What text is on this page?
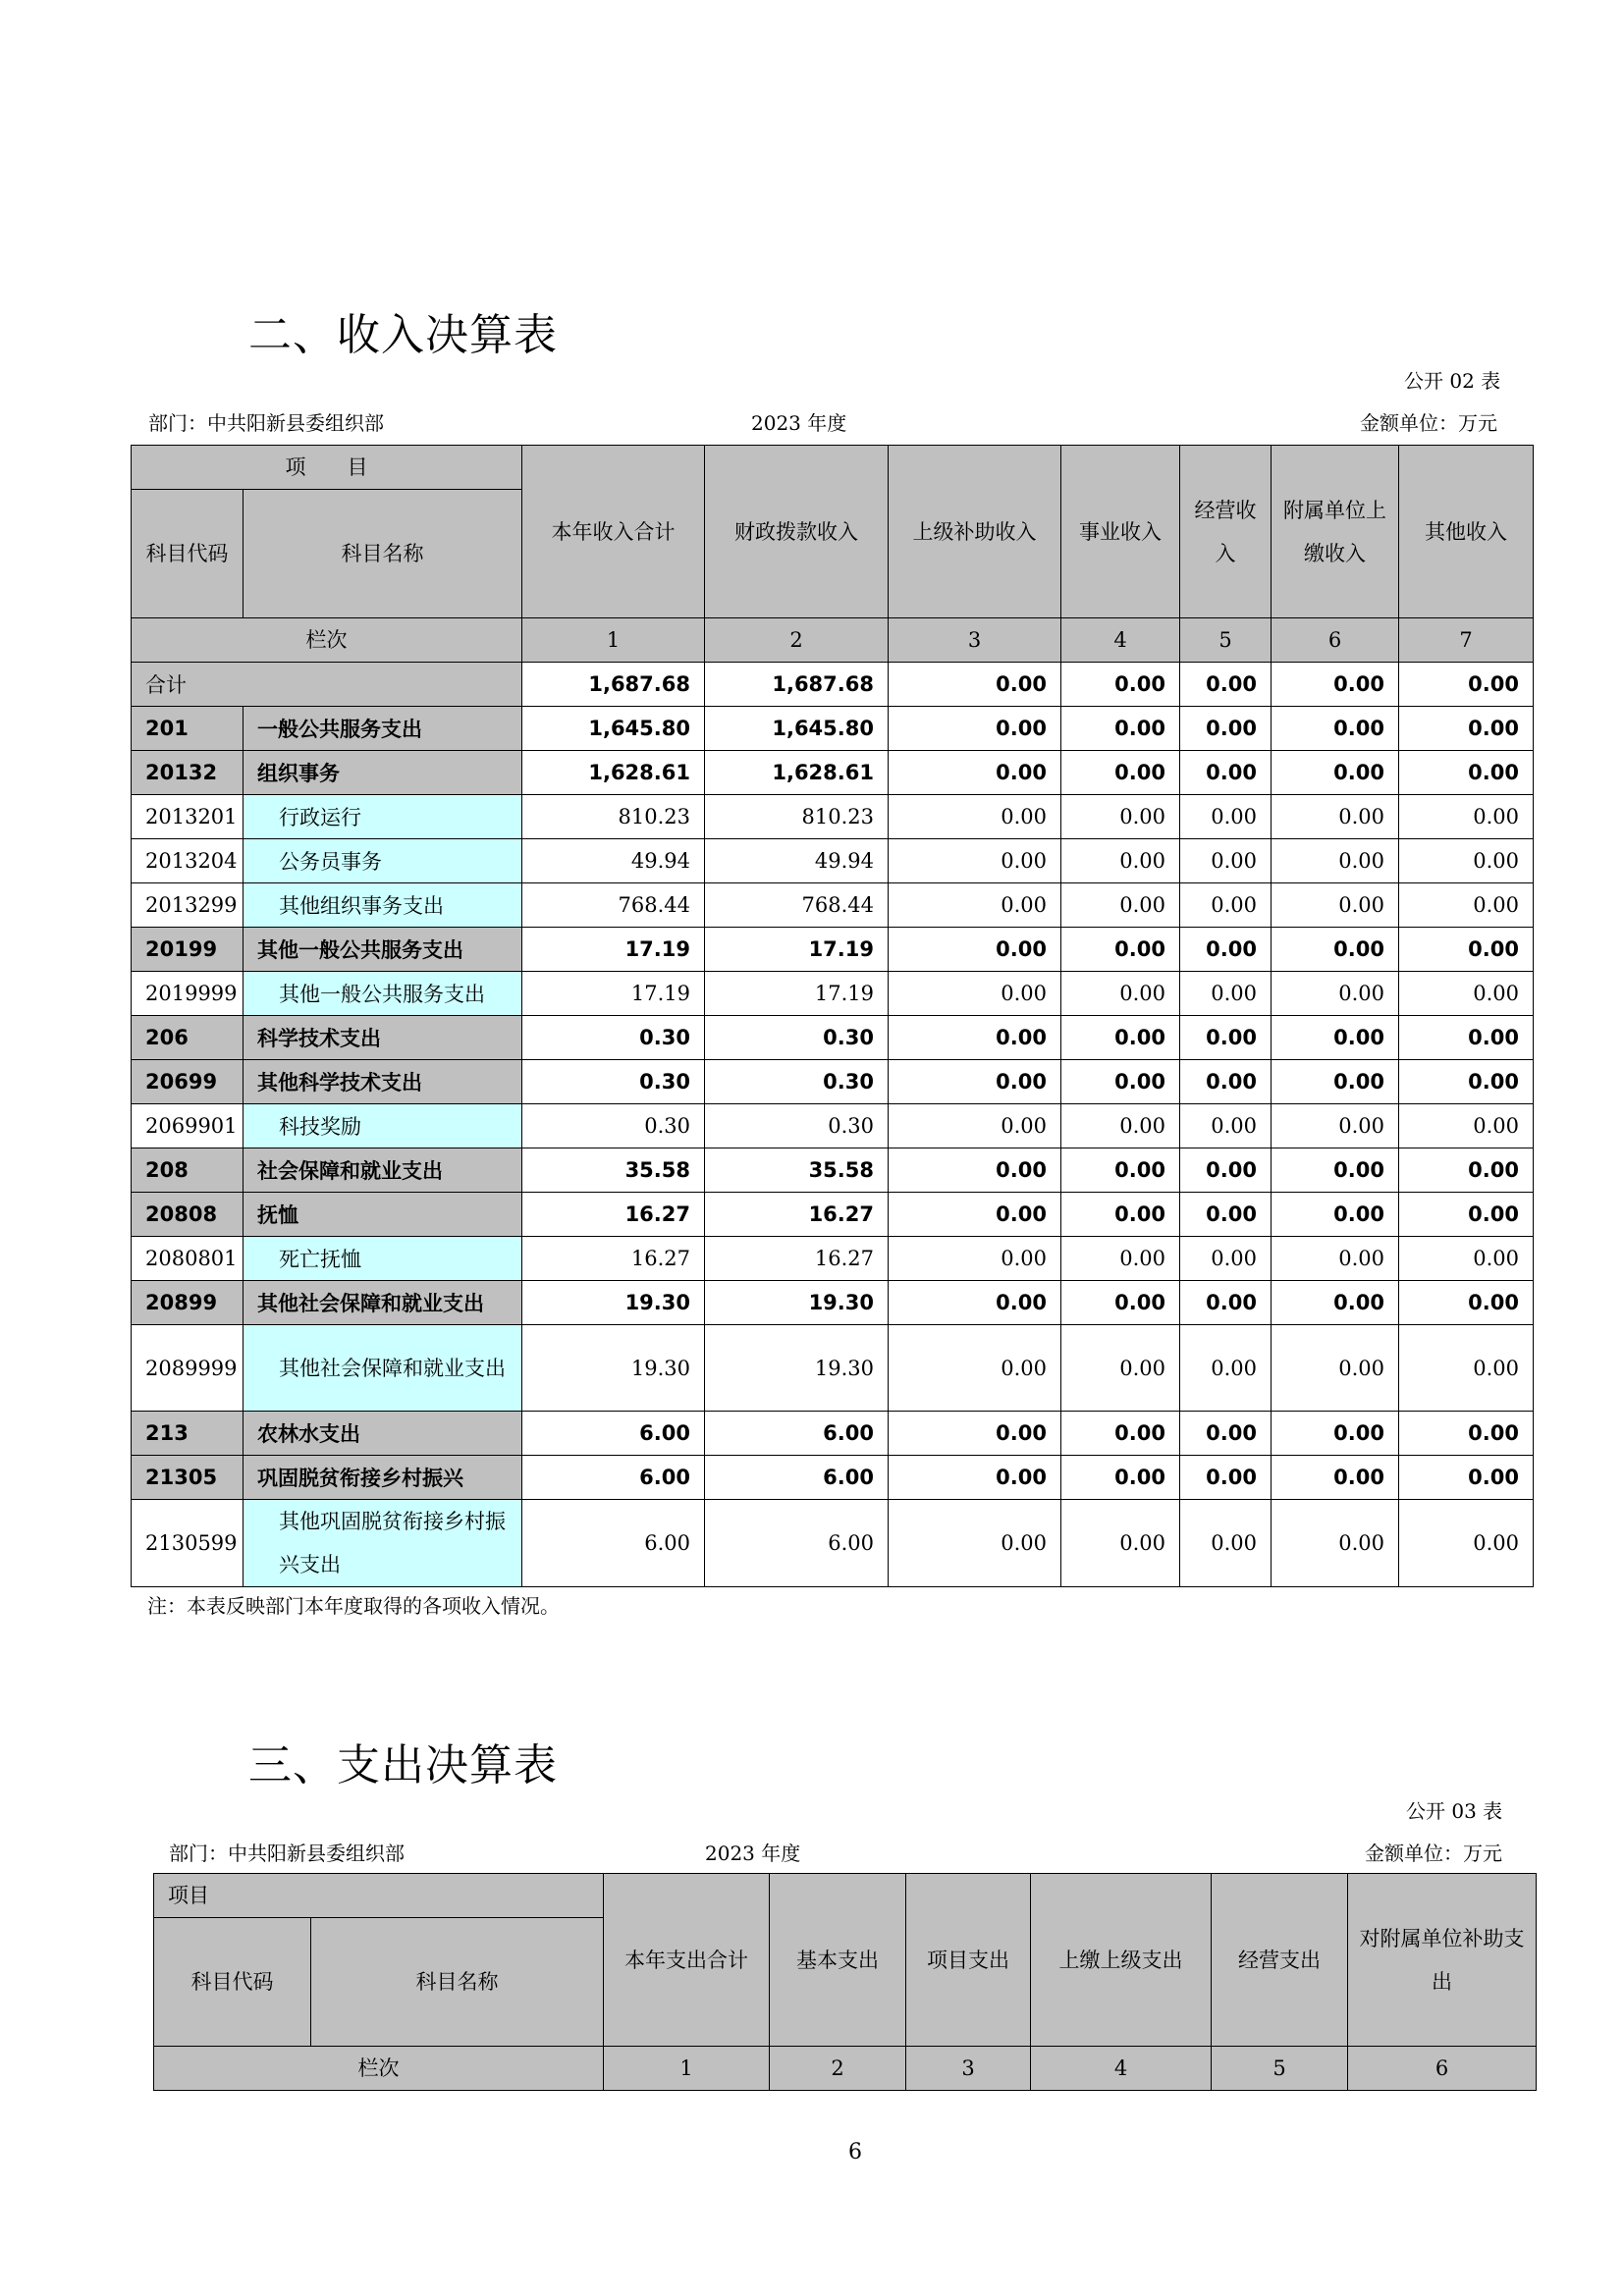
二、收入决算表
公开 02 表
部门：中共阳新县委组织部	2023 年度	金额单位：万元
项　　目		本年收入合计	财政拨款收入	上级补助收入	事业收入	经营收入	附属单位上缴收入	其他收入
科目代码	科目名称							
栏次		1	2	3	4	5	6	7
合计		1,687.68	1,687.68	0.00	0.00	0.00	0.00	0.00
201	一般公共服务支出	1,645.80	1,645.80	0.00	0.00	0.00	0.00	0.00
20132	组织事务	1,628.61	1,628.61	0.00	0.00	0.00	0.00	0.00
2013201	行政运行	810.23	810.23	0.00	0.00	0.00	0.00	0.00
2013204	公务员事务	49.94	49.94	0.00	0.00	0.00	0.00	0.00
2013299	其他组织事务支出	768.44	768.44	0.00	0.00	0.00	0.00	0.00
20199	其他一般公共服务支出	17.19	17.19	0.00	0.00	0.00	0.00	0.00
2019999	其他一般公共服务支出	17.19	17.19	0.00	0.00	0.00	0.00	0.00
206	科学技术支出	0.30	0.30	0.00	0.00	0.00	0.00	0.00
20699	其他科学技术支出	0.30	0.30	0.00	0.00	0.00	0.00	0.00
2069901	科技奖励	0.30	0.30	0.00	0.00	0.00	0.00	0.00
208	社会保障和就业支出	35.58	35.58	0.00	0.00	0.00	0.00	0.00
20808	抚恤	16.27	16.27	0.00	0.00	0.00	0.00	0.00
2080801	死亡抚恤	16.27	16.27	0.00	0.00	0.00	0.00	0.00
20899	其他社会保障和就业支出	19.30	19.30	0.00	0.00	0.00	0.00	0.00
2089999	其他社会保障和就业支出	19.30	19.30	0.00	0.00	0.00	0.00	0.00
213	农林水支出	6.00	6.00	0.00	0.00	0.00	0.00	0.00
21305	巩固脱贫衔接乡村振兴	6.00	6.00	0.00	0.00	0.00	0.00	0.00
2130599	其他巩固脱贫衔接乡村振兴支出	6.00	6.00	0.00	0.00	0.00	0.00	0.00
注：本表反映部门本年度取得的各项收入情况。
三、支出决算表
公开 03 表
部门：中共阳新县委组织部	2023 年度	金额单位：万元
项目		本年支出合计	基本支出	项目支出	上缴上级支出	经营支出	对附属单位补助支出
科目代码	科目名称						
栏次		1	2	3	4	5	6
6
